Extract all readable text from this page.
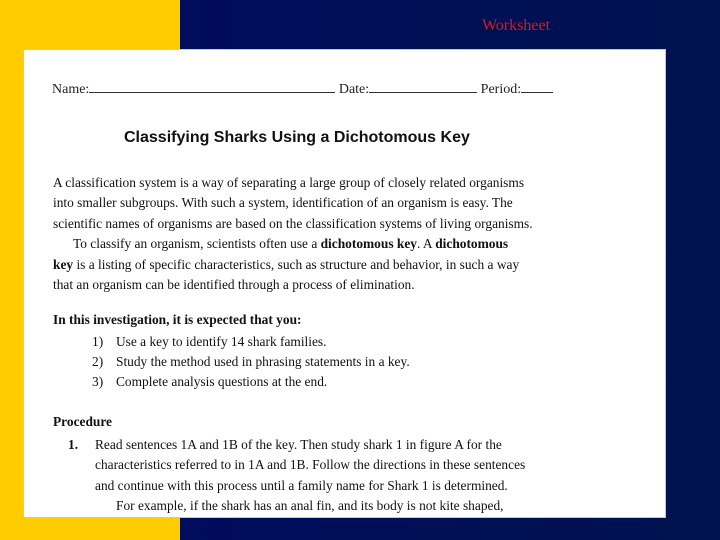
Worksheet
Name:	Date:	Period:
Classifying Sharks Using a Dichotomous Key
A classification system is a way of separating a large group of closely related organisms
into smaller subgroups. With such a system, identification of an organism is easy. The
scientific names of organisms are based on the classification systems of living organisms.
To classify an organism, scientists often use a dichotomous key. A dichotomous
key is a listing of specific characteristics, such as structure and behavior, in such a way
that an organism can be identified through a process of elimination.
In this investigation, it is expected that you:
1) Use a key to identify 14 shark families.
2) Study the method used in phrasing statements in a key.
3) Complete analysis questions at the end.
Procedure
1. Read sentences 1A and 1B of the key. Then study shark 1 in figure A for the
characteristics referred to in 1A and 1B. Follow the directions in these sentences
and continue with this process until a family name for Shark 1 is determined.
For example, if the shark has an anal fin, and its body is not kite shaped,
